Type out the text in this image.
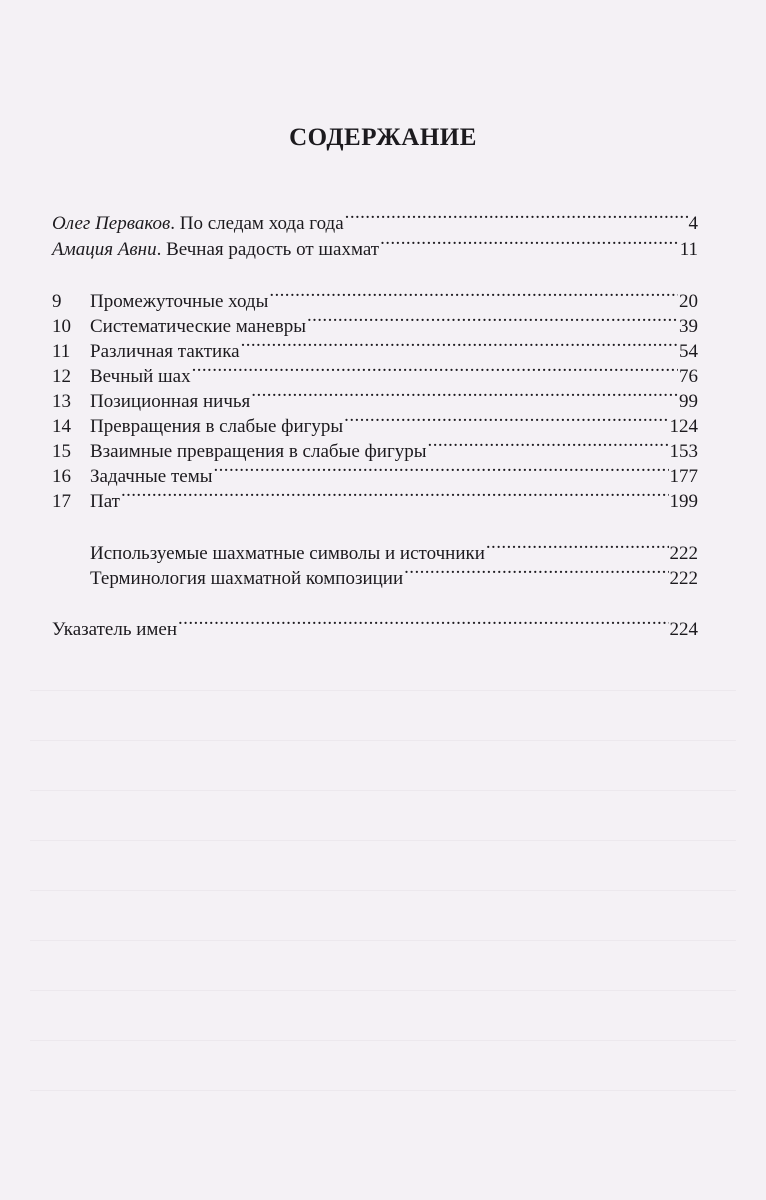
СОДЕРЖАНИЕ
Олег Перваков . По следам хода года .....	4
Амация Авни . Вечная радость от шахмат .....	11
9	Промежуточные ходы .....	20
10	Систематические маневры .....	39
11	Различная тактика .....	54
12	Вечный шах .....	76
13	Позиционная ничья .....	99
14	Превращения в слабые фигуры .....	124
15	Взаимные превращения в слабые фигуры .....	153
16	Задачные темы .....	177
17	Пат .....	199
Используемые шахматные символы и источники .....	222
Терминология шахматной композиции .....	222
Указатель имен .....	224
